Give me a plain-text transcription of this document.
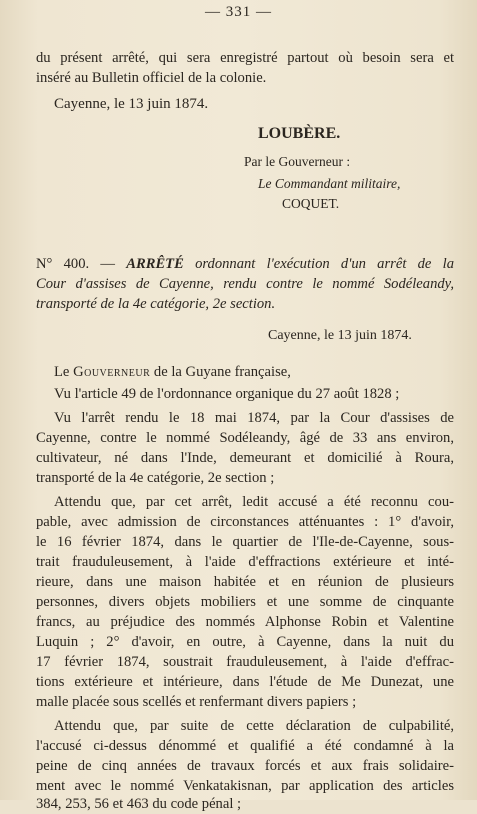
— 331 —
du présent arrêté, qui sera enregistré partout où besoin sera et
inséré au Bulletin officiel de la colonie.
Cayenne, le 13 juin 1874.
LOUBÈRE.
Par le Gouverneur :
Le Commandant militaire,
COQUET.
N° 400. — ARRÊTÉ ordonnant l'exécution d'un arrêt de la
Cour d'assises de Cayenne, rendu contre le nommé Sodéleandy,
transporté de la 4e catégorie, 2e section.
Cayenne, le 13 juin 1874.
Le Gouverneur de la Guyane française,
Vu l'article 49 de l'ordonnance organique du 27 août 1828 ;
Vu l'arrêt rendu le 18 mai 1874, par la Cour d'assises de
Cayenne, contre le nommé Sodéleandy, âgé de 33 ans environ,
cultivateur, né dans l'Inde, demeurant et domicilié à Roura,
transporté de la 4e catégorie, 2e section ;
Attendu que, par cet arrêt, ledit accusé a été reconnu cou-
pable, avec admission de circonstances atténuantes : 1° d'avoir,
le 16 février 1874, dans le quartier de l'Ile-de-Cayenne, sous-
trait frauduleusement, à l'aide d'effractions extérieure et inté-
rieure, dans une maison habitée et en réunion de plusieurs
personnes, divers objets mobiliers et une somme de cinquante
francs, au préjudice des nommés Alphonse Robin et Valentine
Luquin ; 2° d'avoir, en outre, à Cayenne, dans la nuit du
17 février 1874, soustrait frauduleusement, à l'aide d'effrac-
tions extérieure et intérieure, dans l'étude de Me Dunezat, une
malle placée sous scellés et renfermant divers papiers ;
Attendu que, par suite de cette déclaration de culpabilité,
l'accusé ci-dessus dénommé et qualifié a été condamné à la
peine de cinq années de travaux forcés et aux frais solidaire-
ment avec le nommé Venkatakisnan, par application des articles
384, 253, 56 et 463 du code pénal ;
